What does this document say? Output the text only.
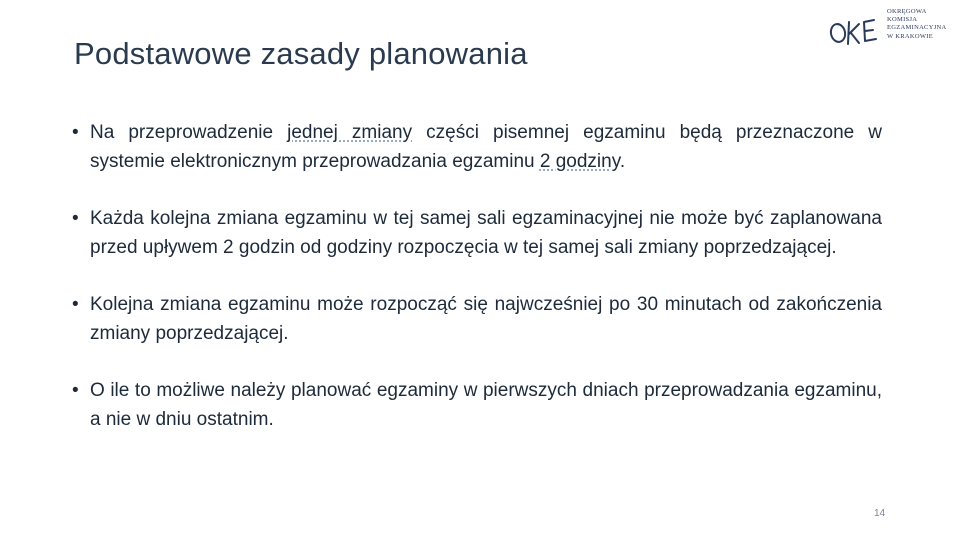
Podstawowe zasady planowania
OKRĘGOWA
KOMISJA
EGZAMINACYJNA
W KRAKOWIE
• Na przeprowadzenie jednej zmiany części pisemnej egzaminu będą przeznaczone w systemie elektronicznym przeprowadzania egzaminu 2 godziny.
• Każda kolejna zmiana egzaminu w tej samej sali egzaminacyjnej nie może być zaplanowana przed upływem 2 godzin od godziny rozpoczęcia w tej samej sali zmiany poprzedzającej.
• Kolejna zmiana egzaminu może rozpocząć się najwcześniej po 30 minutach od zakończenia zmiany poprzedzającej.
• O ile to możliwe należy planować egzaminy w pierwszych dniach przeprowadzania egzaminu, a nie w dniu ostatnim.
14
